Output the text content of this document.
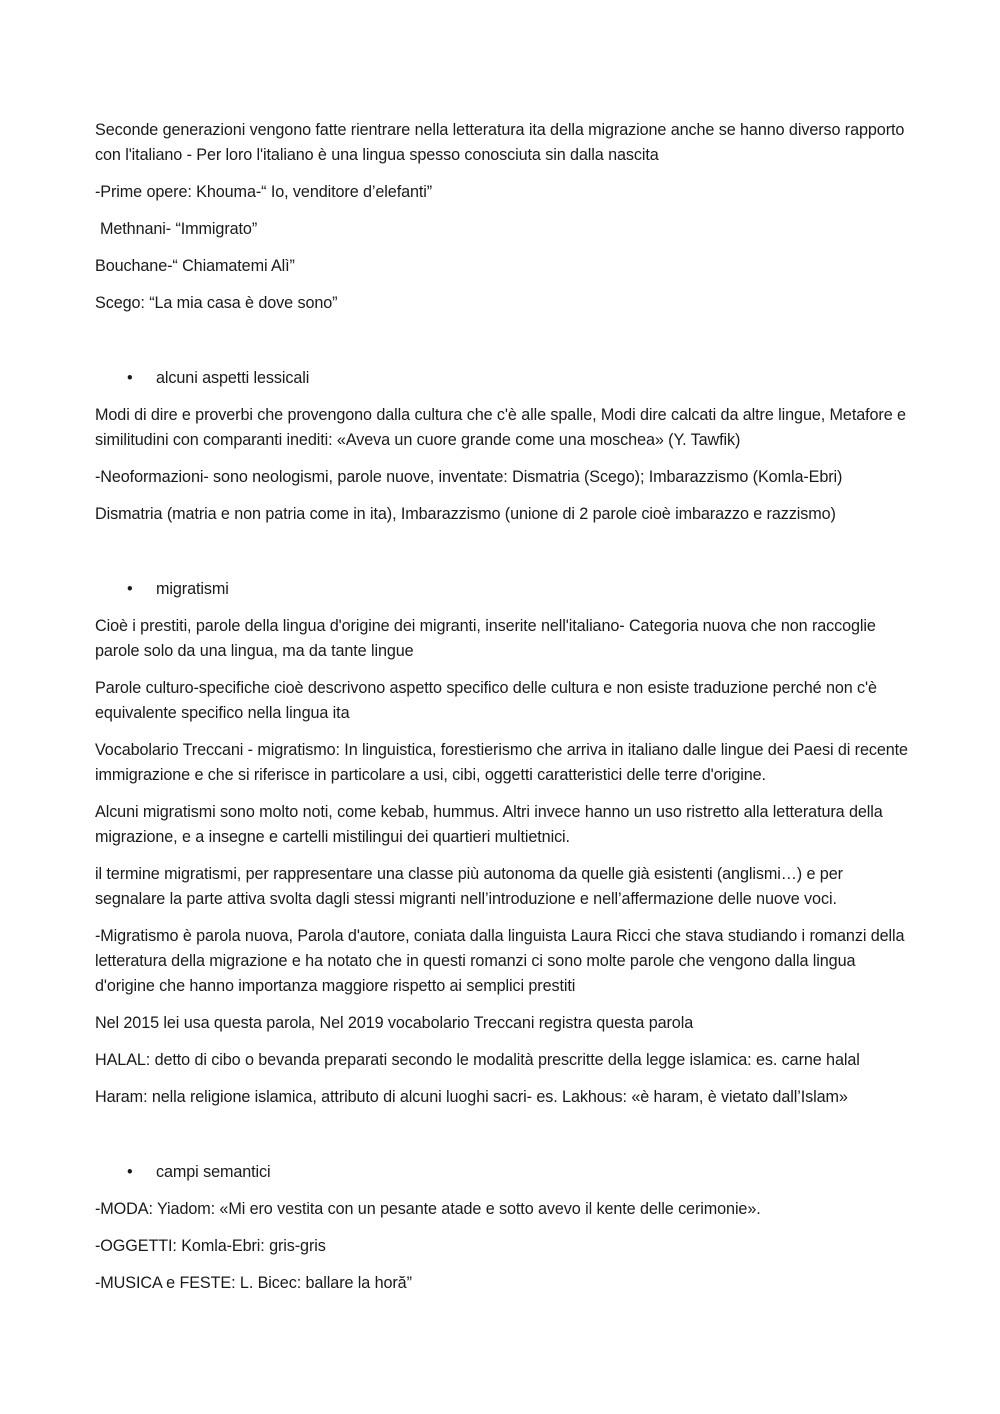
Seconde generazioni vengono fatte rientrare nella letteratura ita della migrazione anche se hanno diverso rapporto con l'italiano - Per loro l'italiano è una lingua spesso conosciuta sin dalla nascita

-Prime opere: Khouma-“ Io, venditore d’elefanti”

Methnani- “Immigrato”

Bouchane-“ Chiamatemi Alì”

Scego: “La mia casa è dove sono”

• alcuni aspetti lessicali

Modi di dire e proverbi che provengono dalla cultura che c'è alle spalle, Modi dire calcati da altre lingue, Metafore e similitudini con comparanti inediti: «Aveva un cuore grande come una moschea» (Y. Tawfik)

-Neoformazioni- sono neologismi, parole nuove, inventate: Dismatria (Scego); Imbarazzismo (Komla-Ebri)

Dismatria (matria e non patria come in ita), Imbarazzismo (unione di 2 parole cioè imbarazzo e razzismo)

• migratismi

Cioè i prestiti, parole della lingua d'origine dei migranti, inserite nell'italiano- Categoria nuova che non raccoglie parole solo da una lingua, ma da tante lingue

Parole culturo-specifiche cioè descrivono aspetto specifico delle cultura e non esiste traduzione perché non c'è equivalente specifico nella lingua ita

Vocabolario Treccani - migratismo: In linguistica, forestierismo che arriva in italiano dalle lingue dei Paesi di recente immigrazione e che si riferisce in particolare a usi, cibi, oggetti caratteristici delle terre d'origine.

Alcuni migratismi sono molto noti, come kebab, hummus. Altri invece hanno un uso ristretto alla letteratura della migrazione, e a insegne e cartelli mistilingui dei quartieri multietnici.

il termine migratismi, per rappresentare una classe più autonoma da quelle già esistenti (anglismi…) e per segnalare la parte attiva svolta dagli stessi migranti nell’introduzione e nell’affermazione delle nuove voci.

-Migratismo è parola nuova, Parola d'autore, coniata dalla linguista Laura Ricci che stava studiando i romanzi della letteratura della migrazione e ha notato che in questi romanzi ci sono molte parole che vengono dalla lingua d'origine che hanno importanza maggiore rispetto ai semplici prestiti

Nel 2015 lei usa questa parola, Nel 2019 vocabolario Treccani registra questa parola

HALAL: detto di cibo o bevanda preparati secondo le modalità prescritte della legge islamica: es. carne halal

Haram: nella religione islamica, attributo di alcuni luoghi sacri- es. Lakhous: «è haram, è vietato dall’Islam»

• campi semantici

-MODA: Yiadom: «Mi ero vestita con un pesante atade e sotto avevo il kente delle cerimonie».

-OGGETTI: Komla-Ebri: gris-gris

-MUSICA e FESTE: L. Bicec: ballare la horă”
